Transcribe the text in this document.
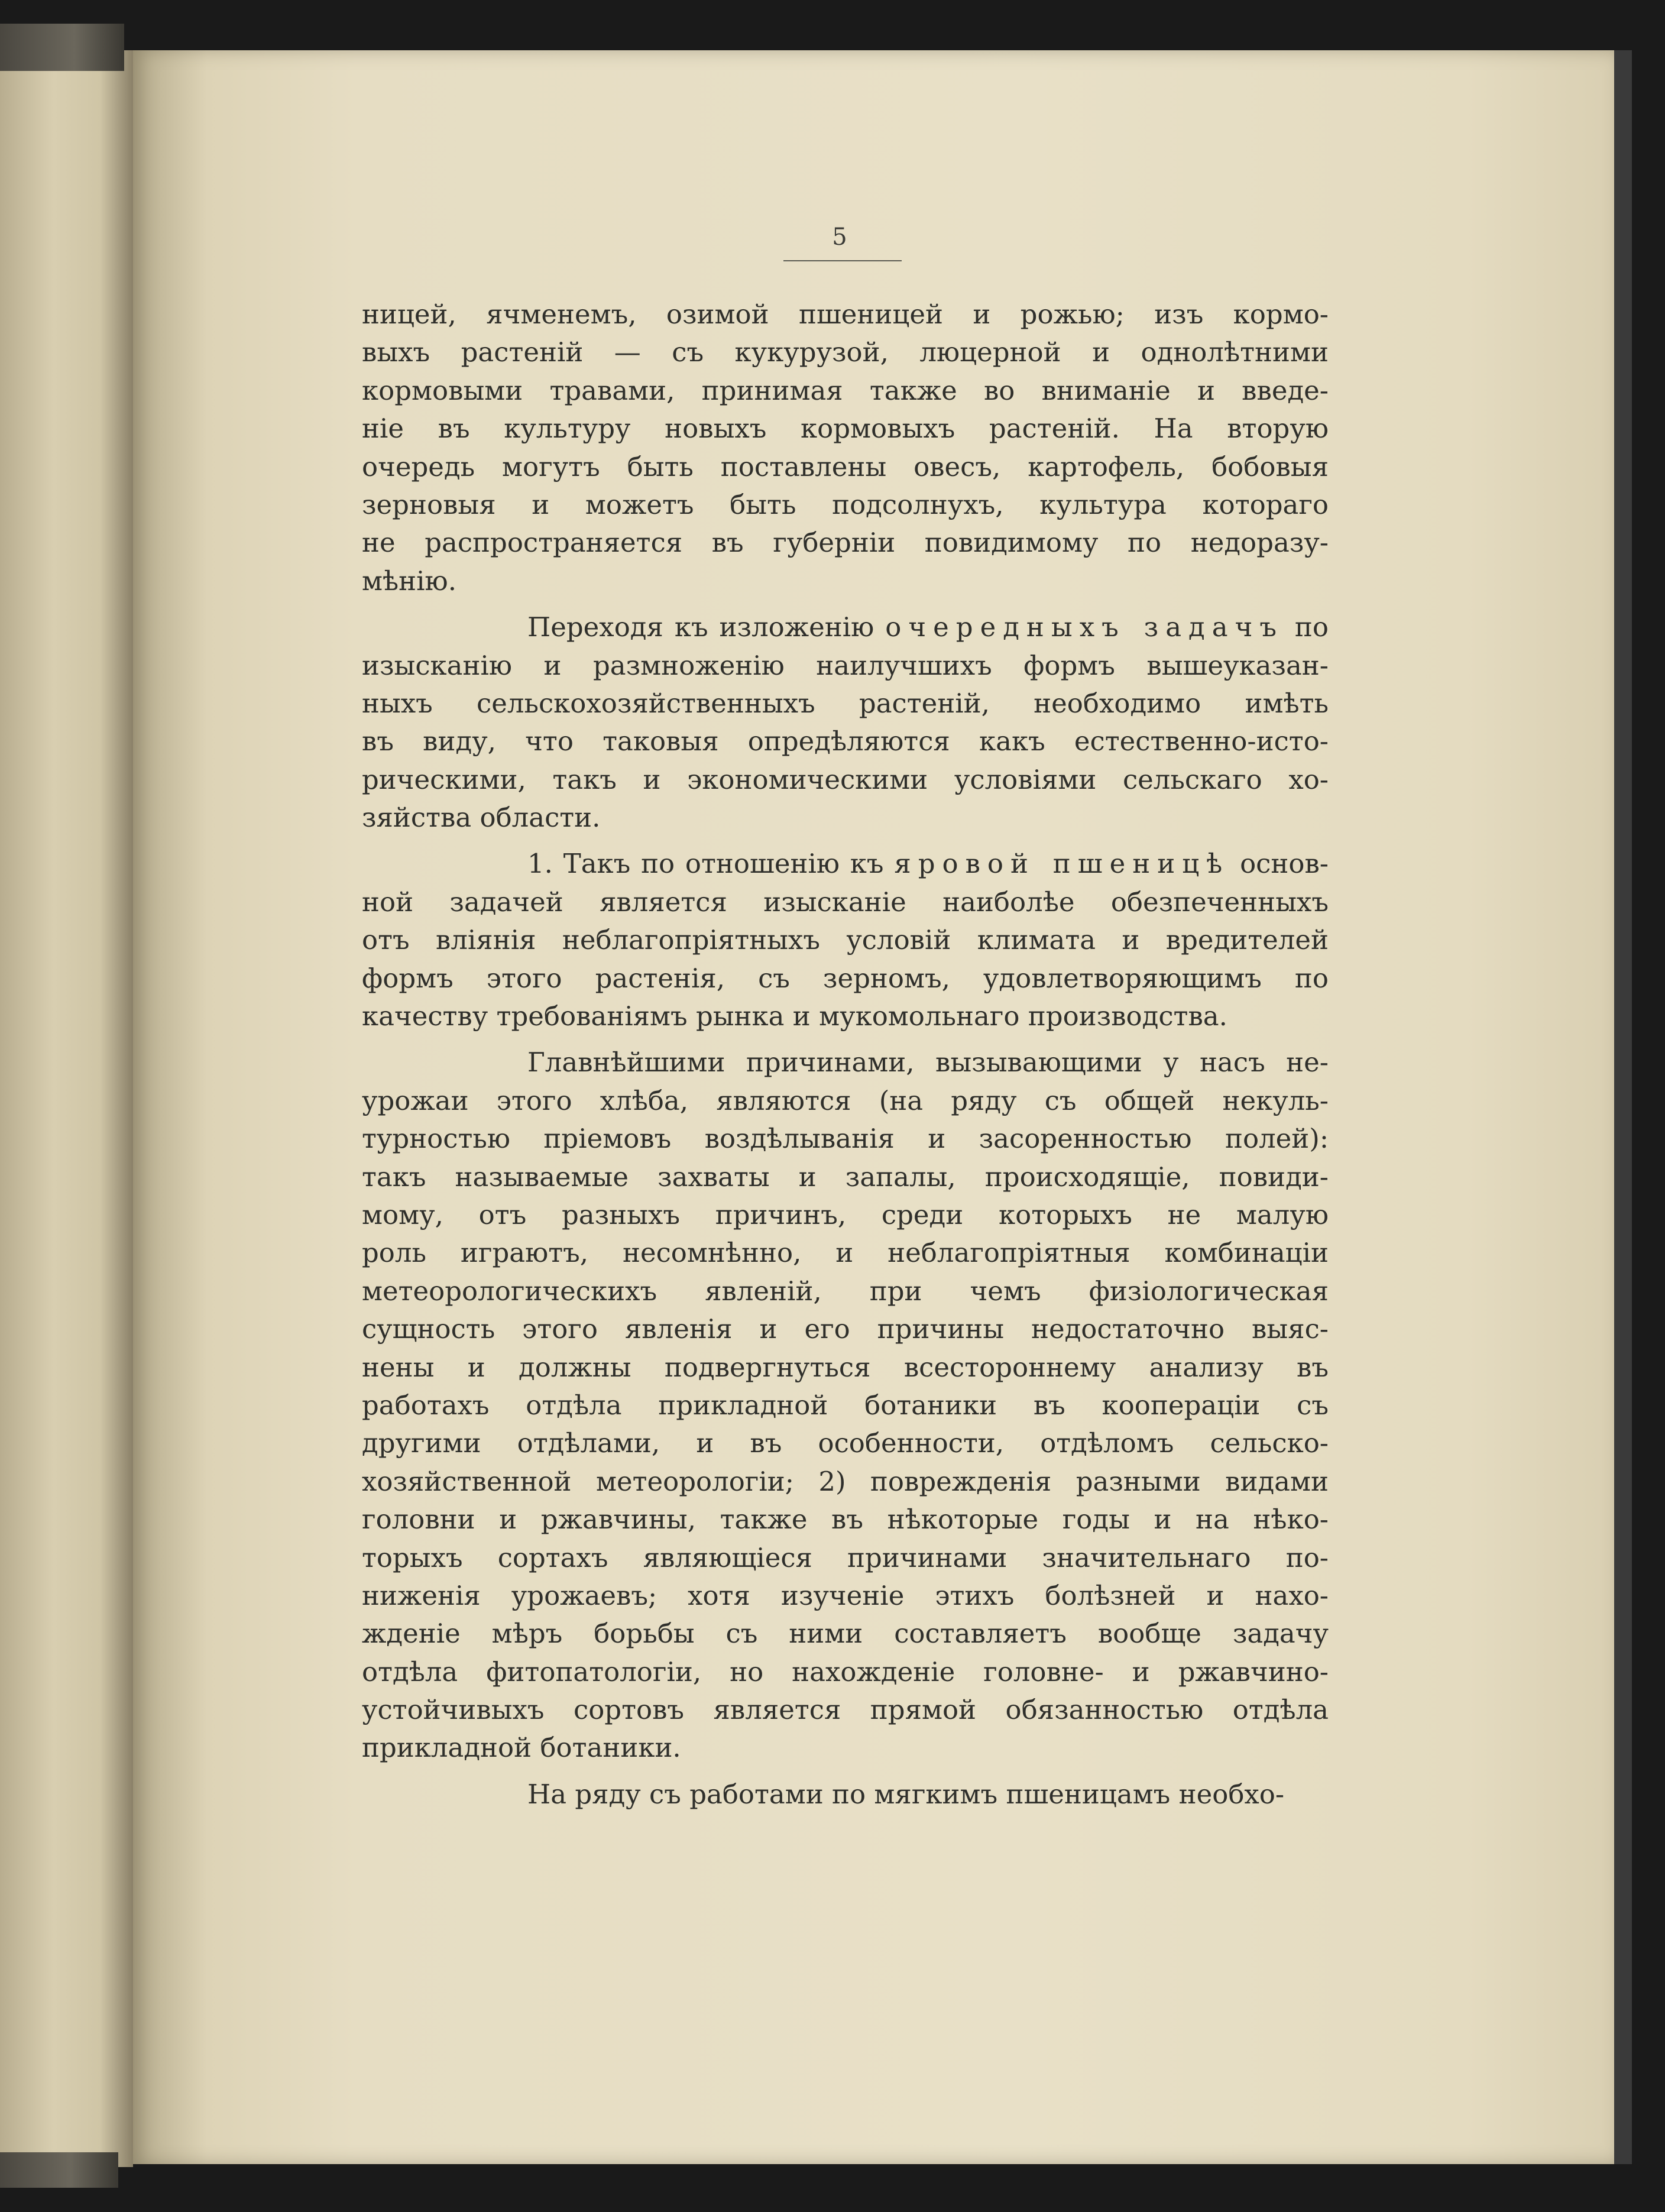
5
ницей, ячменемъ, озимой пшеницей и рожью; изъ кормо-
выхъ растеній — съ кукурузой, люцерной и однолѣтними
кормовыми травами, принимая также во вниманіе и введе-
ніе въ культуру новыхъ кормовыхъ растеній. На вторую
очередь могутъ быть поставлены овесъ, картофель, бобовыя
зерновыя и можетъ быть подсолнухъ, культура котораго
не распространяется въ губерніи повидимому по недоразу-
мѣнію.
Переходя къ изложенію очередныхъ задачъ по
изысканію и размноженію наилучшихъ формъ вышеуказан-
ныхъ сельскохозяйственныхъ растеній, необходимо имѣть
въ виду, что таковыя опредѣляются какъ естественно-исто-
рическими, такъ и экономическими условіями сельскаго хо-
зяйства области.
1. Такъ по отношенію къ яровой пшеницѣ основ-
ной задачей является изысканіе наиболѣе обезпеченныхъ
отъ вліянія неблагопріятныхъ условій климата и вредителей
формъ этого растенія, съ зерномъ, удовлетворяющимъ по
качеству требованіямъ рынка и мукомольнаго производства.
Главнѣйшими причинами, вызывающими у насъ не-
урожаи этого хлѣба, являются (на ряду съ общей некуль-
турностью пріемовъ воздѣлыванія и засоренностью полей):
такъ называемые захваты и запалы, происходящіе, повиди-
мому, отъ разныхъ причинъ, среди которыхъ не малую
роль играютъ, несомнѣнно, и неблагопріятныя комбинаціи
метеорологическихъ явленій, при чемъ физіологическая
сущность этого явленія и его причины недостаточно выяс-
нены и должны подвергнуться всестороннему анализу въ
работахъ отдѣла прикладной ботаники въ коопераціи съ
другими отдѣлами, и въ особенности, отдѣломъ сельско-
хозяйственной метеорологіи; 2) поврежденія разными видами
головни и ржавчины, также въ нѣкоторые годы и на нѣко-
торыхъ сортахъ являющіеся причинами значительнаго по-
ниженія урожаевъ; хотя изученіе этихъ болѣзней и нахо-
жденіе мѣръ борьбы съ ними составляетъ вообще задачу
отдѣла фитопатологіи, но нахожденіе головне- и ржавчино-
устойчивыхъ сортовъ является прямой обязанностью отдѣла
прикладной ботаники.
На ряду съ работами по мягкимъ пшеницамъ необхо-
